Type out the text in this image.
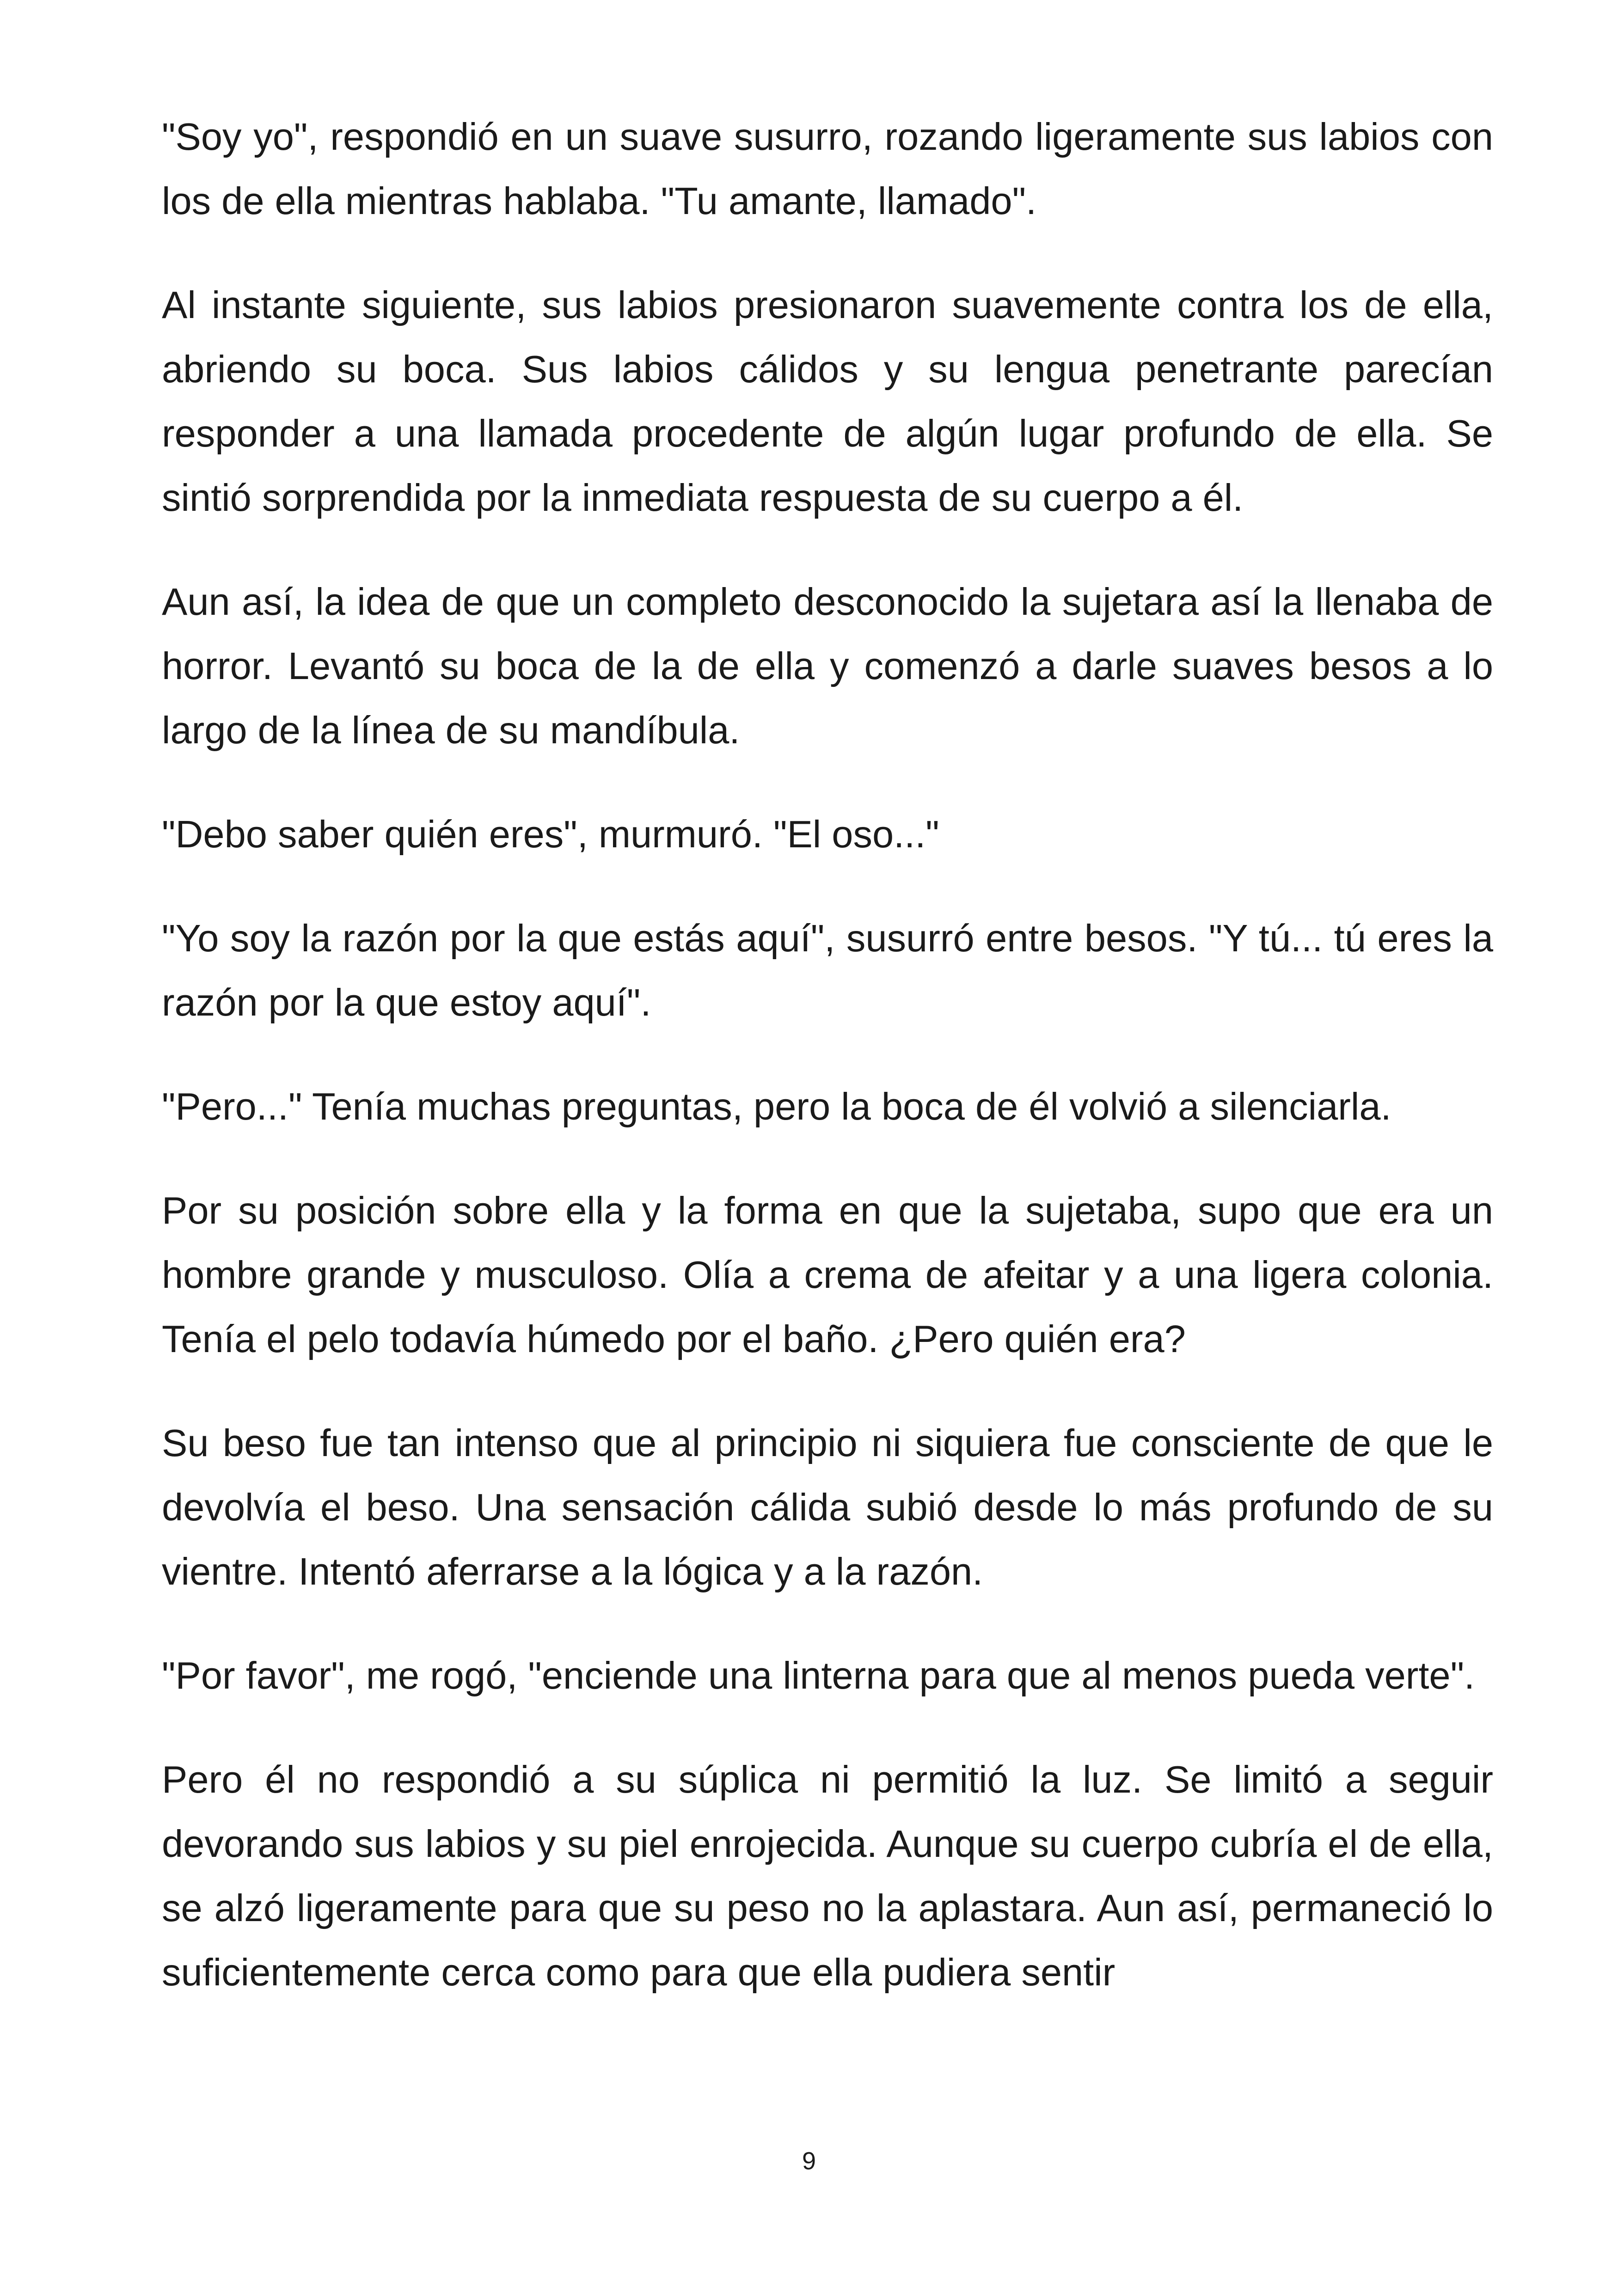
"Soy yo", respondió en un suave susurro, rozando ligeramente sus labios con los de ella mientras hablaba. "Tu amante, llamado".

Al instante siguiente, sus labios presionaron suavemente contra los de ella, abriendo su boca. Sus labios cálidos y su lengua penetrante parecían responder a una llamada procedente de algún lugar profundo de ella. Se sintió sorprendida por la inmediata respuesta de su cuerpo a él.

Aun así, la idea de que un completo desconocido la sujetara así la llenaba de horror. Levantó su boca de la de ella y comenzó a darle suaves besos a lo largo de la línea de su mandíbula.

"Debo saber quién eres", murmuró. "El oso..."

"Yo soy la razón por la que estás aquí", susurró entre besos. "Y tú... tú eres la razón por la que estoy aquí".

"Pero..." Tenía muchas preguntas, pero la boca de él volvió a silenciarla.

Por su posición sobre ella y la forma en que la sujetaba, supo que era un hombre grande y musculoso. Olía a crema de afeitar y a una ligera colonia. Tenía el pelo todavía húmedo por el baño. ¿Pero quién era?

Su beso fue tan intenso que al principio ni siquiera fue consciente de que le devolvía el beso. Una sensación cálida subió desde lo más profundo de su vientre. Intentó aferrarse a la lógica y a la razón.

"Por favor", me rogó, "enciende una linterna para que al menos pueda verte".

Pero él no respondió a su súplica ni permitió la luz. Se limitó a seguir devorando sus labios y su piel enrojecida. Aunque su cuerpo cubría el de ella, se alzó ligeramente para que su peso no la aplastara. Aun así, permaneció lo suficientemente cerca como para que ella pudiera sentir

9
